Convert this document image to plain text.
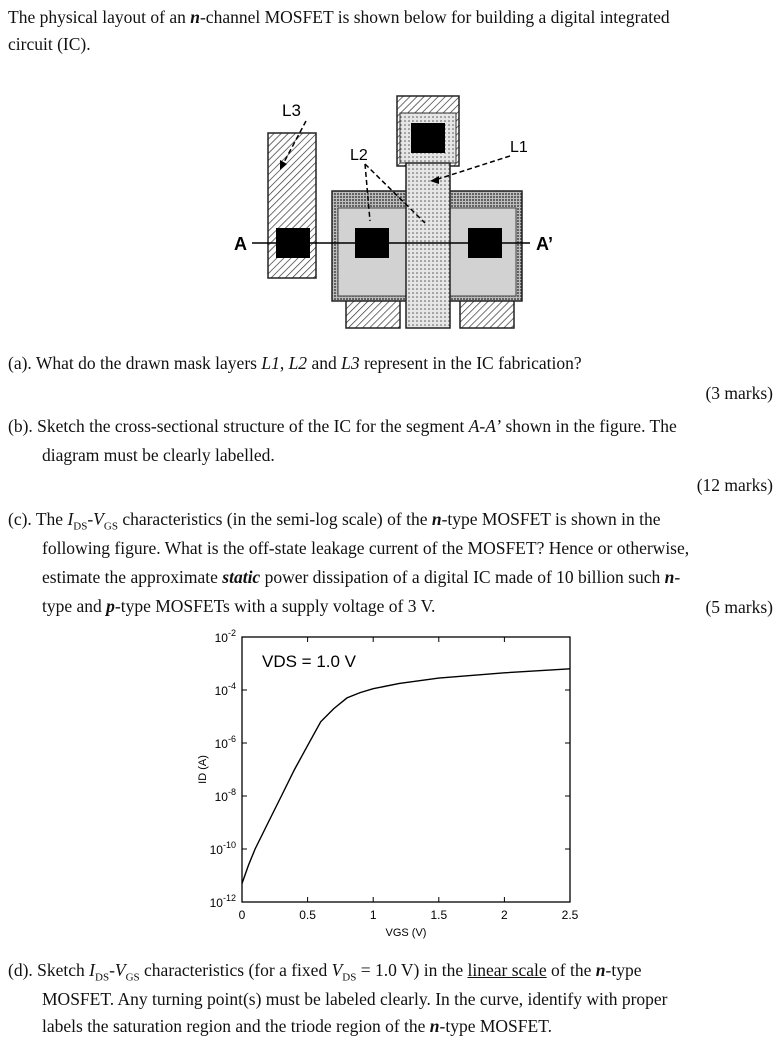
The physical layout of an n-channel MOSFET is shown below for building a digital integrated

circuit (IC).

L3
L2	L1
A	A’

(a). What do the drawn mask layers L1, L2 and L3 represent in the IC fabrication?

(3 marks)

(b). Sketch the cross-sectional structure of the IC for the segment A-A’ shown in the figure. The

diagram must be clearly labelled.

(12 marks)

(c). The $I_{DS}-V_{GS}$ characteristics (in the semi-log scale) of the n-type MOSFET is shown in the

following figure. What is the off-state leakage current of the MOSFET? Hence or otherwise,

estimate the approximate static power dissipation of a digital IC made of 10 billion such n-

type and p-type MOSFETs with a supply voltage of 3 V.	(5 marks)
0	0.5	1	1.5	2	2.5
$10^{-2}$
$10^{-4}$
$10^{-6}$
$10^{-8}$
$10^{-10}$
$10^{-12}$
VDS = 1.0 V
VGS (V)
ID (A)

(d). Sketch $I_{DS}-V_{GS}$ characteristics (for a fixed $V_{DS} = 1.0$ V) in the linear scale of the n-type

MOSFET. Any turning point(s) must be labeled clearly. In the curve, identify with proper

labels the saturation region and the triode region of the n-type MOSFET.
